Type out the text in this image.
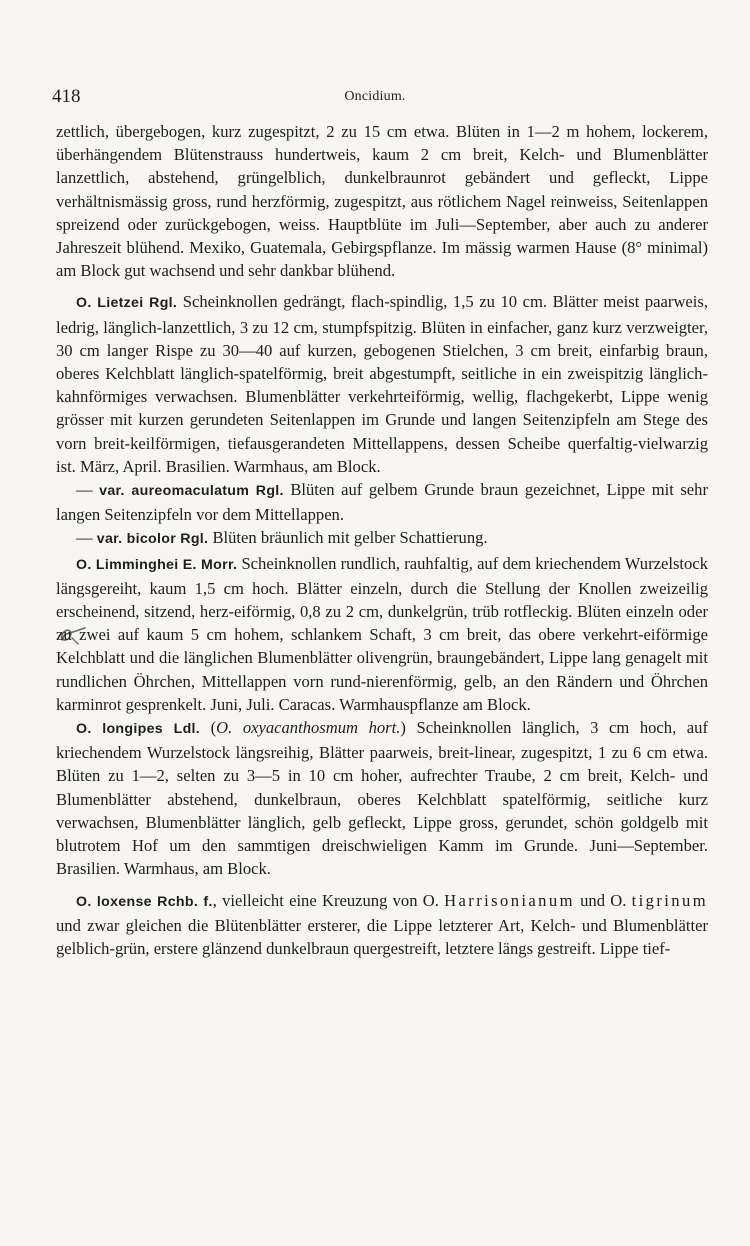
418	Oncidium.

zettlich, übergebogen, kurz zugespitzt, 2 zu 15 cm etwa. Blüten in 1—2 m hohem, lockerem, überhängendem Blütenstrauss hundertweis, kaum 2 cm breit, Kelch- und Blumenblätter lanzettlich, abstehend, grüngelblich, dunkelbraunrot gebändert und gefleckt, Lippe verhältnismässig gross, rund herzförmig, zugespitzt, aus rötlichem Nagel reinweiss, Seitenlappen spreizend oder zurückgebogen, weiss. Hauptblüte im Juli—September, aber auch zu anderer Jahreszeit blühend. Mexiko, Guatemala, Gebirgspflanze. Im mässig warmen Hause (8° minimal) am Block gut wachsend und sehr dankbar blühend.

O. Lietzei Rgl. Scheinknollen gedrängt, flach-spindlig, 1,5 zu 10 cm. Blätter meist paarweis, ledrig, länglich-lanzettlich, 3 zu 12 cm, stumpfspitzig. Blüten in einfacher, ganz kurz verzweigter, 30 cm langer Rispe zu 30—40 auf kurzen, gebogenen Stielchen, 3 cm breit, einfarbig braun, oberes Kelchblatt länglich-spatelförmig, breit abgestumpft, seitliche in ein zweispitzig länglich-kahnförmiges verwachsen. Blumenblätter verkehrteiförmig, wellig, flachgekerbt, Lippe wenig grösser mit kurzen gerundeten Seitenlappen im Grunde und langen Seitenzipfeln am Stege des vorn breit-keilförmigen, tiefausgerandeten Mittellappens, dessen Scheibe querfaltig-vielwarzig ist. März, April. Brasilien. Warmhaus, am Block.

— var. aureomaculatum Rgl. Blüten auf gelbem Grunde braun gezeichnet, Lippe mit sehr langen Seitenzipfeln vor dem Mittellappen.

— var. bicolor Rgl. Blüten bräunlich mit gelber Schattierung.

O. Limminghei E. Morr. Scheinknollen rundlich, rauhfaltig, auf dem kriechendem Wurzelstock längsgereiht, kaum 1,5 cm hoch. Blätter einzeln, durch die Stellung der Knollen zweizeilig erscheinend, sitzend, herz-eiförmig, 0,8 zu 2 cm, dunkelgrün, trüb rotfleckig. Blüten einzeln oder zu zwei auf kaum 5 cm hohem, schlankem Schaft, 3 cm breit, das obere verkehrt-eiförmige Kelchblatt und die länglichen Blumenblätter olivengrün, braungebändert, Lippe lang genagelt mit rundlichen Öhrchen, Mittellappen vorn rund-nierenförmig, gelb, an den Rändern und Öhrchen karminrot gesprenkelt. Juni, Juli. Caracas. Warmhauspflanze am Block.

O. longipes Ldl. (O. oxyacanthosmum hort.) Scheinknollen länglich, 3 cm hoch, auf kriechendem Wurzelstock längsreihig, Blätter paarweis, breit-linear, zugespitzt, 1 zu 6 cm etwa. Blüten zu 1—2, selten zu 3—5 in 10 cm hoher, aufrechter Traube, 2 cm breit, Kelch- und Blumenblätter abstehend, dunkelbraun, oberes Kelchblatt spatelförmig, seitliche kurz verwachsen, Blumenblätter länglich, gelb gefleckt, Lippe gross, gerundet, schön goldgelb mit blutrotem Hof um den sammtigen dreischwieligen Kamm im Grunde. Juni—September. Brasilien. Warmhaus, am Block.

O. loxense Rchb. f., vielleicht eine Kreuzung von O. Harrisonianum und O. tigrinum und zwar gleichen die Blütenblätter ersterer, die Lippe letzterer Art, Kelch- und Blumenblätter gelblich-grün, erstere glänzend dunkelbraun quergestreift, letztere längs gestreift. Lippe tief-
